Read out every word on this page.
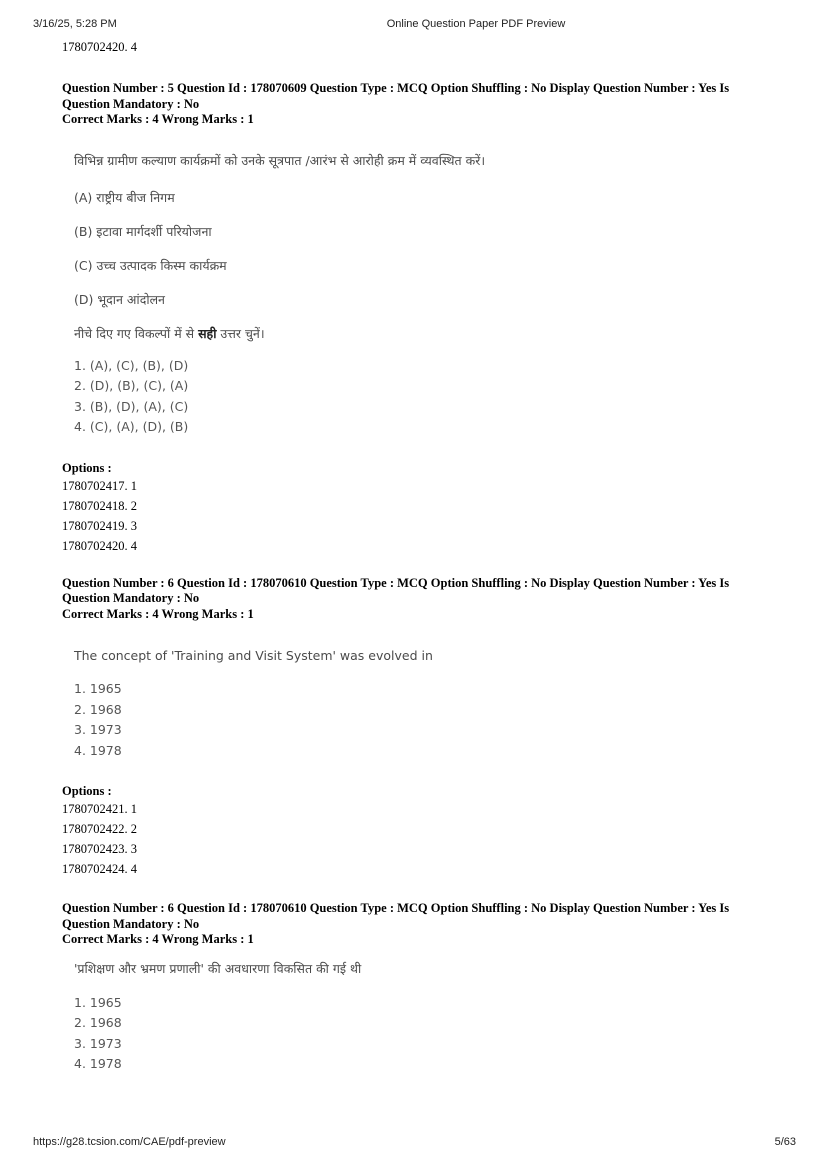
3/16/25, 5:28 PM	Online Question Paper PDF Preview
1780702420. 4
Question Number : 5 Question Id : 178070609 Question Type : MCQ Option Shuffling : No Display Question Number : Yes Is
Question Mandatory : No
Correct Marks : 4 Wrong Marks : 1
विभिन्न ग्रामीण कल्याण कार्यक्रमों को उनके सूत्रपात /आरंभ से आरोही क्रम में व्यवस्थित करें।
(A) राष्ट्रीय बीज निगम
(B) इटावा मार्गदर्शी परियोजना
(C) उच्च उत्पादक किस्म कार्यक्रम
(D) भूदान आंदोलन
नीचे दिए गए विकल्पों में से सही उत्तर चुनें।
1. (A), (C), (B), (D)
2. (D), (B), (C), (A)
3. (B), (D), (A), (C)
4. (C), (A), (D), (B)
Options :
1780702417. 1
1780702418. 2
1780702419. 3
1780702420. 4
Question Number : 6 Question Id : 178070610 Question Type : MCQ Option Shuffling : No Display Question Number : Yes Is
Question Mandatory : No
Correct Marks : 4 Wrong Marks : 1
The concept of 'Training and Visit System' was evolved in
1. 1965
2. 1968
3. 1973
4. 1978
Options :
1780702421. 1
1780702422. 2
1780702423. 3
1780702424. 4
Question Number : 6 Question Id : 178070610 Question Type : MCQ Option Shuffling : No Display Question Number : Yes Is
Question Mandatory : No
Correct Marks : 4 Wrong Marks : 1
'प्रशिक्षण और भ्रमण प्रणाली' की अवधारणा विकसित की गई थी
1. 1965
2. 1968
3. 1973
4. 1978
https://g28.tcsion.com/CAE/pdf-preview	5/63
